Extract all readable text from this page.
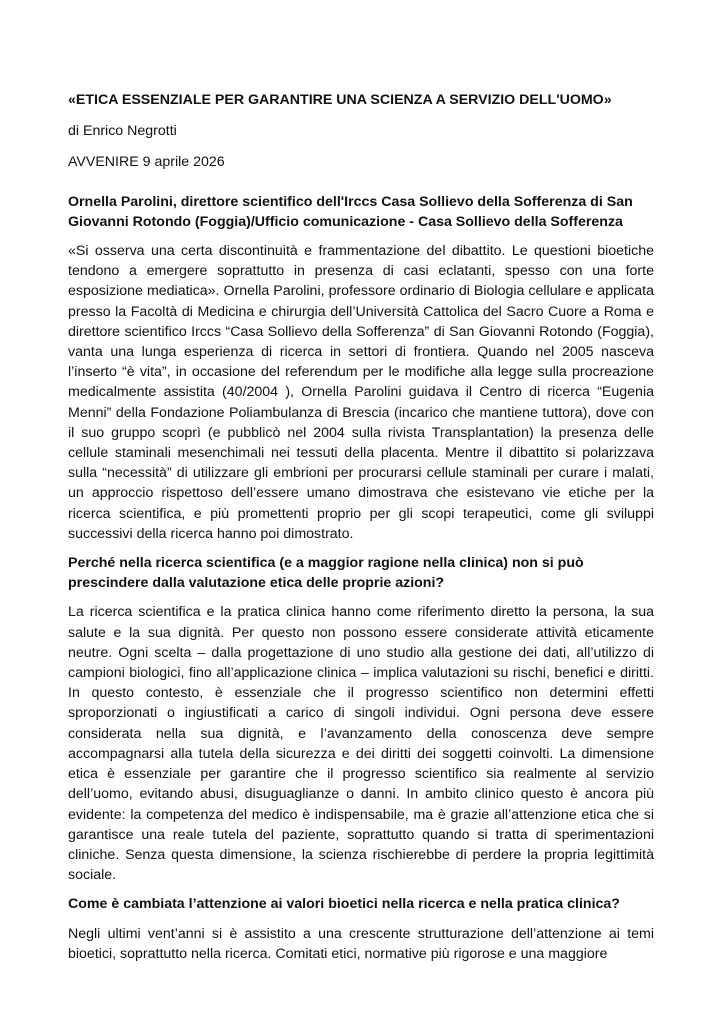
«ETICA ESSENZIALE PER GARANTIRE UNA SCIENZA A SERVIZIO DELL'UOMO»
di Enrico Negrotti
AVVENIRE 9 aprile 2026
Ornella Parolini, direttore scientifico dell'Irccs Casa Sollievo della Sofferenza di San Giovanni Rotondo (Foggia)/Ufficio comunicazione - Casa Sollievo della Sofferenza
«Si osserva una certa discontinuità e frammentazione del dibattito. Le questioni bioetiche tendono a emergere soprattutto in presenza di casi eclatanti, spesso con una forte esposizione mediatica». Ornella Parolini, professore ordinario di Biologia cellulare e applicata presso la Facoltà di Medicina e chirurgia dell’Università Cattolica del Sacro Cuore a Roma e direttore scientifico Irccs “Casa Sollievo della Sofferenza” di San Giovanni Rotondo (Foggia), vanta una lunga esperienza di ricerca in settori di frontiera. Quando nel 2005 nasceva l’inserto “è vita”, in occasione del referendum per le modifiche alla legge sulla procreazione medicalmente assistita (40/2004 ), Ornella Parolini guidava il Centro di ricerca “Eugenia Menni” della Fondazione Poliambulanza di Brescia (incarico che mantiene tuttora), dove con il suo gruppo scoprì (e pubblicò nel 2004 sulla rivista Transplantation) la presenza delle cellule staminali mesenchimali nei tessuti della placenta. Mentre il dibattito si polarizzava sulla “necessità” di utilizzare gli embrioni per procurarsi cellule staminali per curare i malati, un approccio rispettoso dell’essere umano dimostrava che esistevano vie etiche per la ricerca scientifica, e più promettenti proprio per gli scopi terapeutici, come gli sviluppi successivi della ricerca hanno poi dimostrato.
Perché nella ricerca scientifica (e a maggior ragione nella clinica) non si può prescindere dalla valutazione etica delle proprie azioni?
La ricerca scientifica e la pratica clinica hanno come riferimento diretto la persona, la sua salute e la sua dignità. Per questo non possono essere considerate attività eticamente neutre. Ogni scelta – dalla progettazione di uno studio alla gestione dei dati, all’utilizzo di campioni biologici, fino all’applicazione clinica – implica valutazioni su rischi, benefici e diritti. In questo contesto, è essenziale che il progresso scientifico non determini effetti sproporzionati o ingiustificati a carico di singoli individui. Ogni persona deve essere considerata nella sua dignità, e l’avanzamento della conoscenza deve sempre accompagnarsi alla tutela della sicurezza e dei diritti dei soggetti coinvolti. La dimensione etica è essenziale per garantire che il progresso scientifico sia realmente al servizio dell’uomo, evitando abusi, disuguaglianze o danni. In ambito clinico questo è ancora più evidente: la competenza del medico è indispensabile, ma è grazie all’attenzione etica che si garantisce una reale tutela del paziente, soprattutto quando si tratta di sperimentazioni cliniche. Senza questa dimensione, la scienza rischierebbe di perdere la propria legittimità sociale.
Come è cambiata l’attenzione ai valori bioetici nella ricerca e nella pratica clinica?
Negli ultimi vent’anni si è assistito a una crescente strutturazione dell’attenzione ai temi bioetici, soprattutto nella ricerca. Comitati etici, normative più rigorose e una maggiore
